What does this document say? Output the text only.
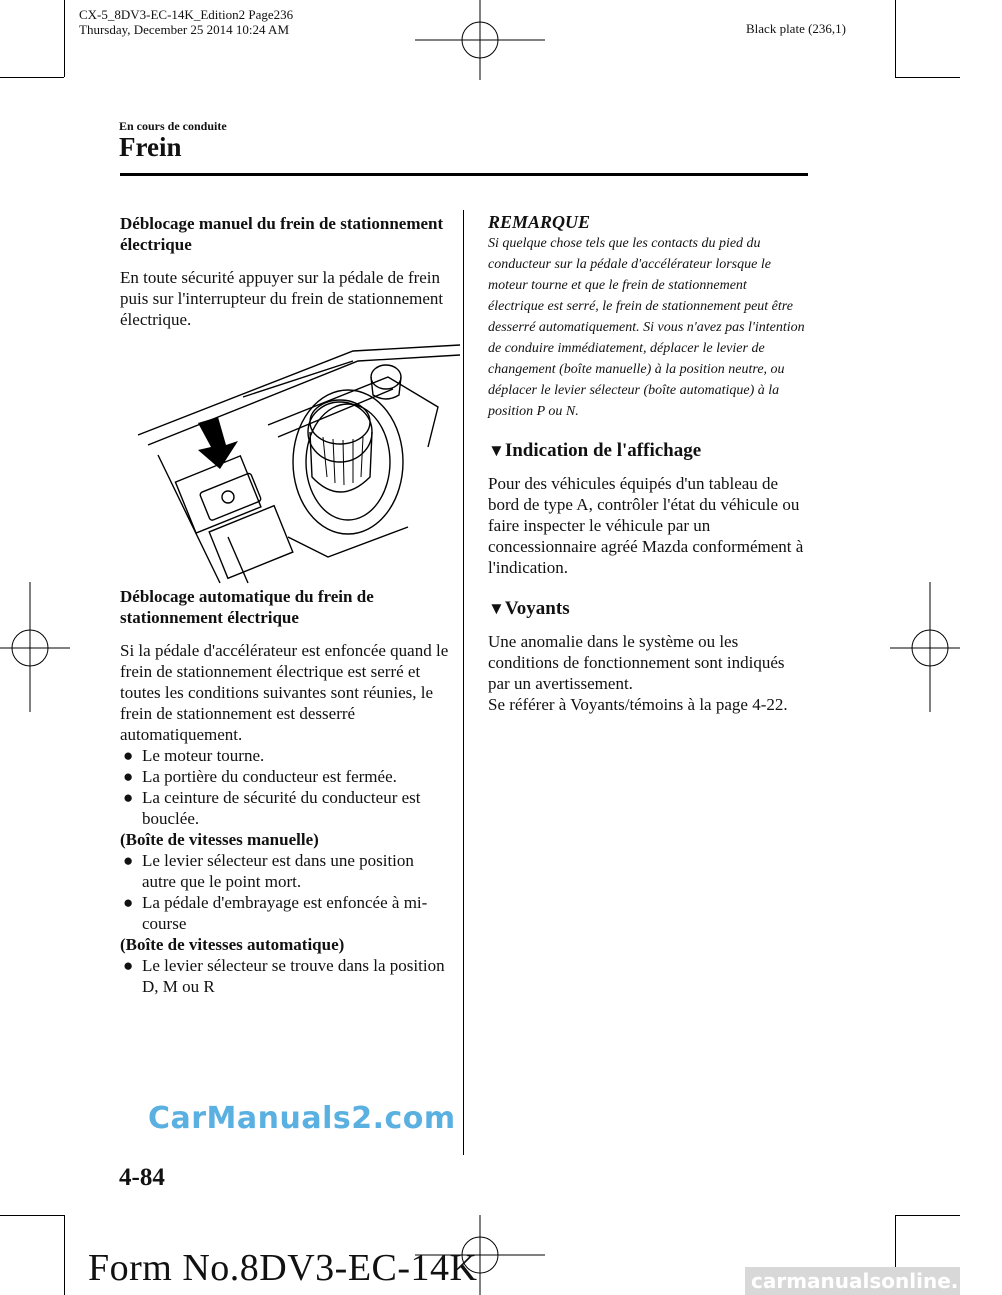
CX-5_8DV3-EC-14K_Edition2 Page236
Thursday, December 25 2014 10:24 AM	Black plate (236,1)
En cours de conduite
Frein

Déblocage manuel du frein de stationnement électrique

En toute sécurité appuyer sur la pédale de frein puis sur l'interrupteur du frein de stationnement électrique.

Déblocage automatique du frein de stationnement électrique

Si la pédale d'accélérateur est enfoncée quand le frein de stationnement électrique est serré et toutes les conditions suivantes sont réunies, le frein de stationnement est desserré automatiquement.

● Le moteur tourne.
● La portière du conducteur est fermée.
● La ceinture de sécurité du conducteur est bouclée.

(Boîte de vitesses manuelle)

● Le levier sélecteur est dans une position autre que le point mort.
● La pédale d'embrayage est enfoncée à mi-course

(Boîte de vitesses automatique)

● Le levier sélecteur se trouve dans la position D, M ou R

REMARQUE

Si quelque chose tels que les contacts du pied du conducteur sur la pédale d'accélérateur lorsque le moteur tourne et que le frein de stationnement électrique est serré, le frein de stationnement peut être desserré automatiquement. Si vous n'avez pas l'intention de conduire immédiatement, déplacer le levier de changement (boîte manuelle) à la position neutre, ou déplacer le levier sélecteur (boîte automatique) à la position P ou N.

▼Indication de l'affichage

Pour des véhicules équipés d'un tableau de bord de type A, contrôler l'état du véhicule ou faire inspecter le véhicule par un concessionnaire agréé Mazda conformément à l'indication.

▼Voyants

Une anomalie dans le système ou les conditions de fonctionnement sont indiqués par un avertissement.

Se référer à Voyants/témoins à la page 4-22.

CarManuals2.com
4-84
Form No.8DV3-EC-14K	carmanualsonline.info
